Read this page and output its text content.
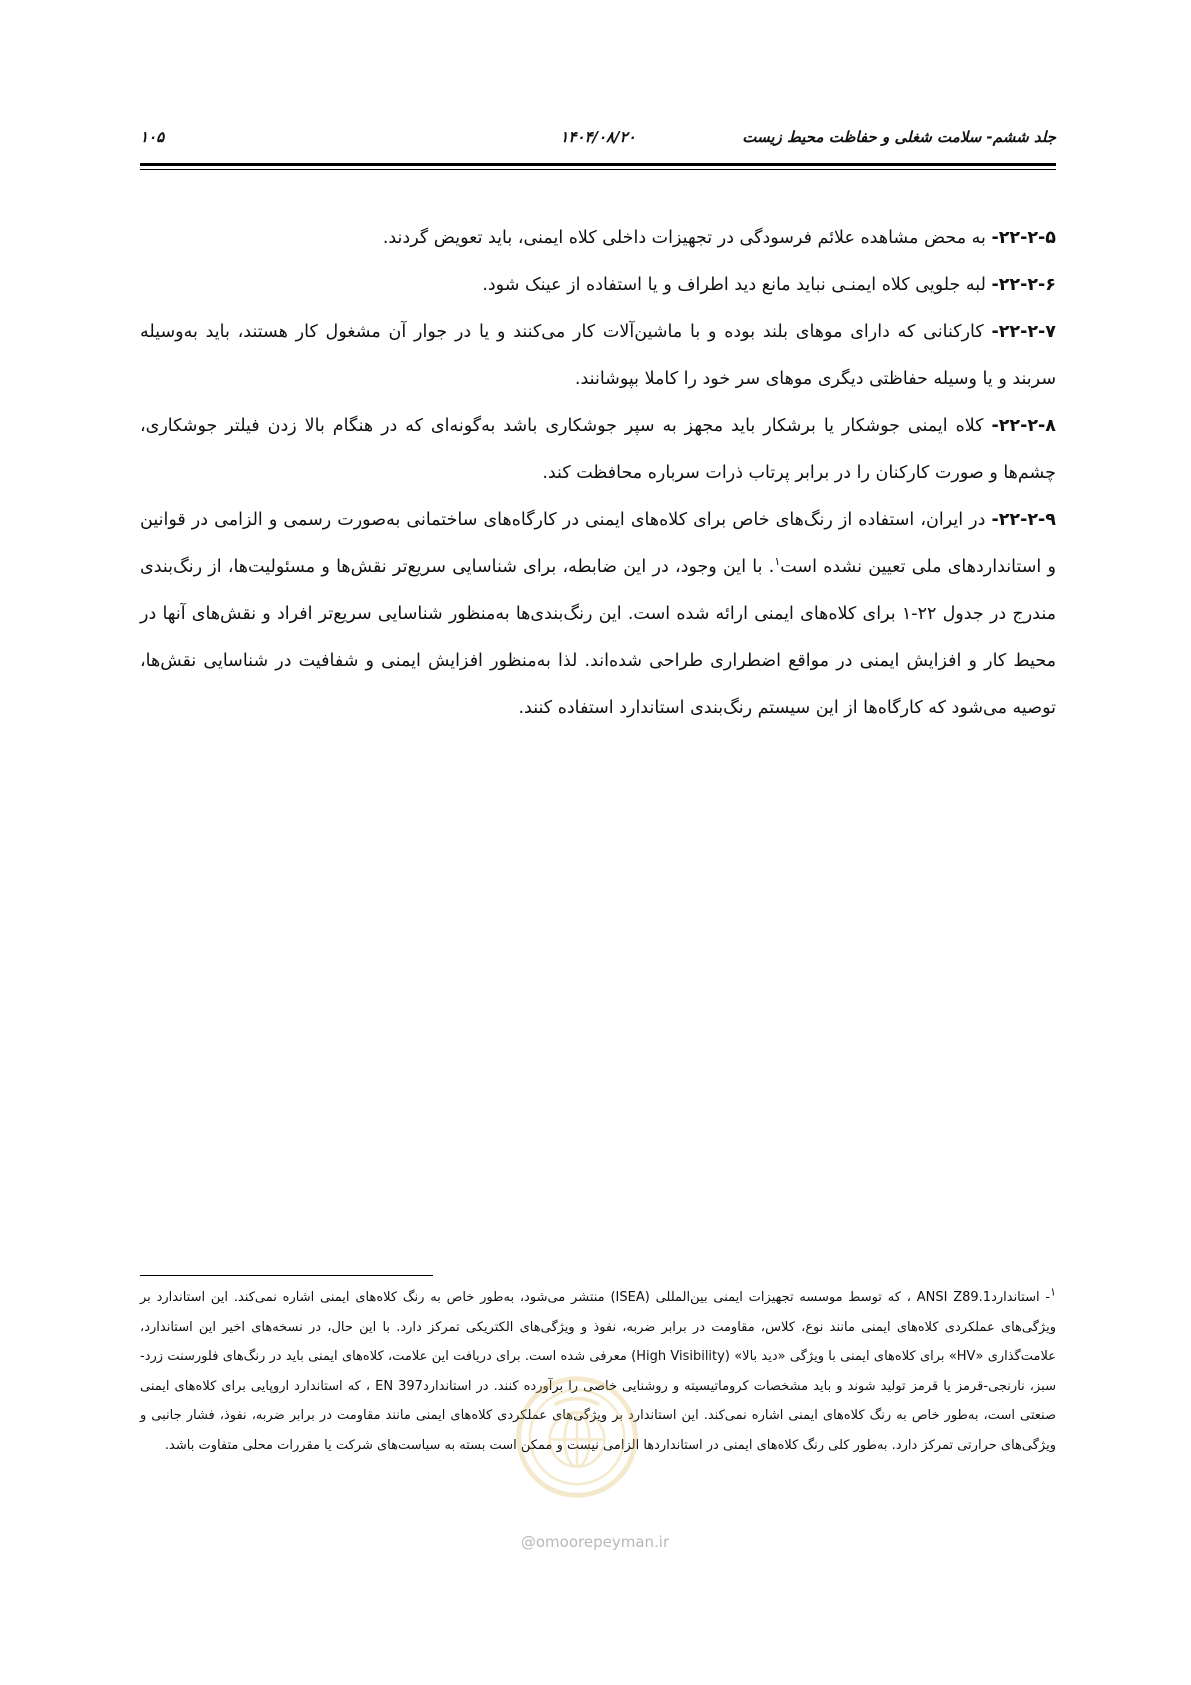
جلد ششم- سلامت شغلی و حفاظت محیط زیست
۱۴۰۴/۰۸/۲۰
۱۰۵

۲۲-۲-۵- به محض مشاهده علائم فرسودگی در تجهیزات داخلی کلاه ایمنی، باید تعویض گردند.

۲۲-۲-۶- لبه جلویی کلاه ایمنـی نباید مانع دید اطراف و یا استفاده از عینک شود.

۲۲-۲-۷- کارکنانی که دارای موهای بلند بوده و با ماشین‌آلات کار می‌کنند و یا در جوار آن مشغول کار هستند، باید به‌وسیله سربند و یا وسیله حفاظتی دیگری موهای سر خود را کاملا بپوشانند.

۲۲-۲-۸- کلاه ایمنی جوشکار یا برشکار باید مجهز به سپر جوشکاری باشد به‌گونه‌ای که در هنگام بالا زدن فیلتر جوشکاری، چشم‌ها و صورت کارکنان را در برابر پرتاب ذرات سرباره محافظت کند.

۲۲-۲-۹- در ایران، استفاده از رنگ‌های خاص برای کلاه‌های ایمنی در کارگاه‌های ساختمانی به‌صورت رسمی و الزامی در قوانین و استانداردهای ملی تعیین نشده است$^۱$. با این وجود، در این ضابطه، برای شناسایی سریع‌تر نقش‌ها و مسئولیت‌ها، از رنگ‌بندی مندرج در جدول ۲۲-۱ برای کلاه‌های ایمنی ارائه شده است. این رنگ‌بندی‌ها به‌منظور شناسایی سریع‌تر افراد و نقش‌های آنها در محیط کار و افزایش ایمنی در مواقع اضطراری طراحی شده‌اند. لذا به‌منظور افزایش ایمنی و شفافیت در شناسایی نقش‌ها، توصیه می‌شود که کارگاه‌ها از این سیستم رنگ‌بندی استاندارد استفاده کنند.

$^۱$- استانداردANSI Z89.1 ، که توسط موسسه تجهیزات ایمنی بین‌المللی (ISEA) منتشر می‌شود، به‌طور خاص به رنگ کلاه‌های ایمنی اشاره نمی‌کند. این استاندارد بر ویژگی‌های عملکردی کلاه‌های ایمنی مانند نوع، کلاس، مقاومت در برابر ضربه، نفوذ و ویژگی‌های الکتریکی تمرکز دارد. با این حال، در نسخه‌های اخیر این استاندارد، علامت‌گذاری «HV» برای کلاه‌های ایمنی با ویژگی «دید بالا» (High Visibility) معرفی شده است. برای دریافت این علامت، کلاه‌های ایمنی باید در رنگ‌های فلورسنت زرد-سبز، نارنجی-قرمز یا قرمز تولید شوند و باید مشخصات کروماتیسیته و روشنایی خاصی را برآورده کنند. در استانداردEN 397 ، که استاندارد اروپایی برای کلاه‌های ایمنی صنعتی است، به‌طور خاص به رنگ کلاه‌های ایمنی اشاره نمی‌کند. این استاندارد بر ویژگی‌های عملکردی کلاه‌های ایمنی مانند مقاومت در برابر ضربه، نفوذ، فشار جانبی و ویژگی‌های حرارتی تمرکز دارد. به‌طور کلی رنگ کلاه‌های ایمنی در استانداردها الزامی نیست و ممکن است بسته به سیاست‌های شرکت یا مقررات محلی متفاوت باشد.
@omoorepeyman.ir
